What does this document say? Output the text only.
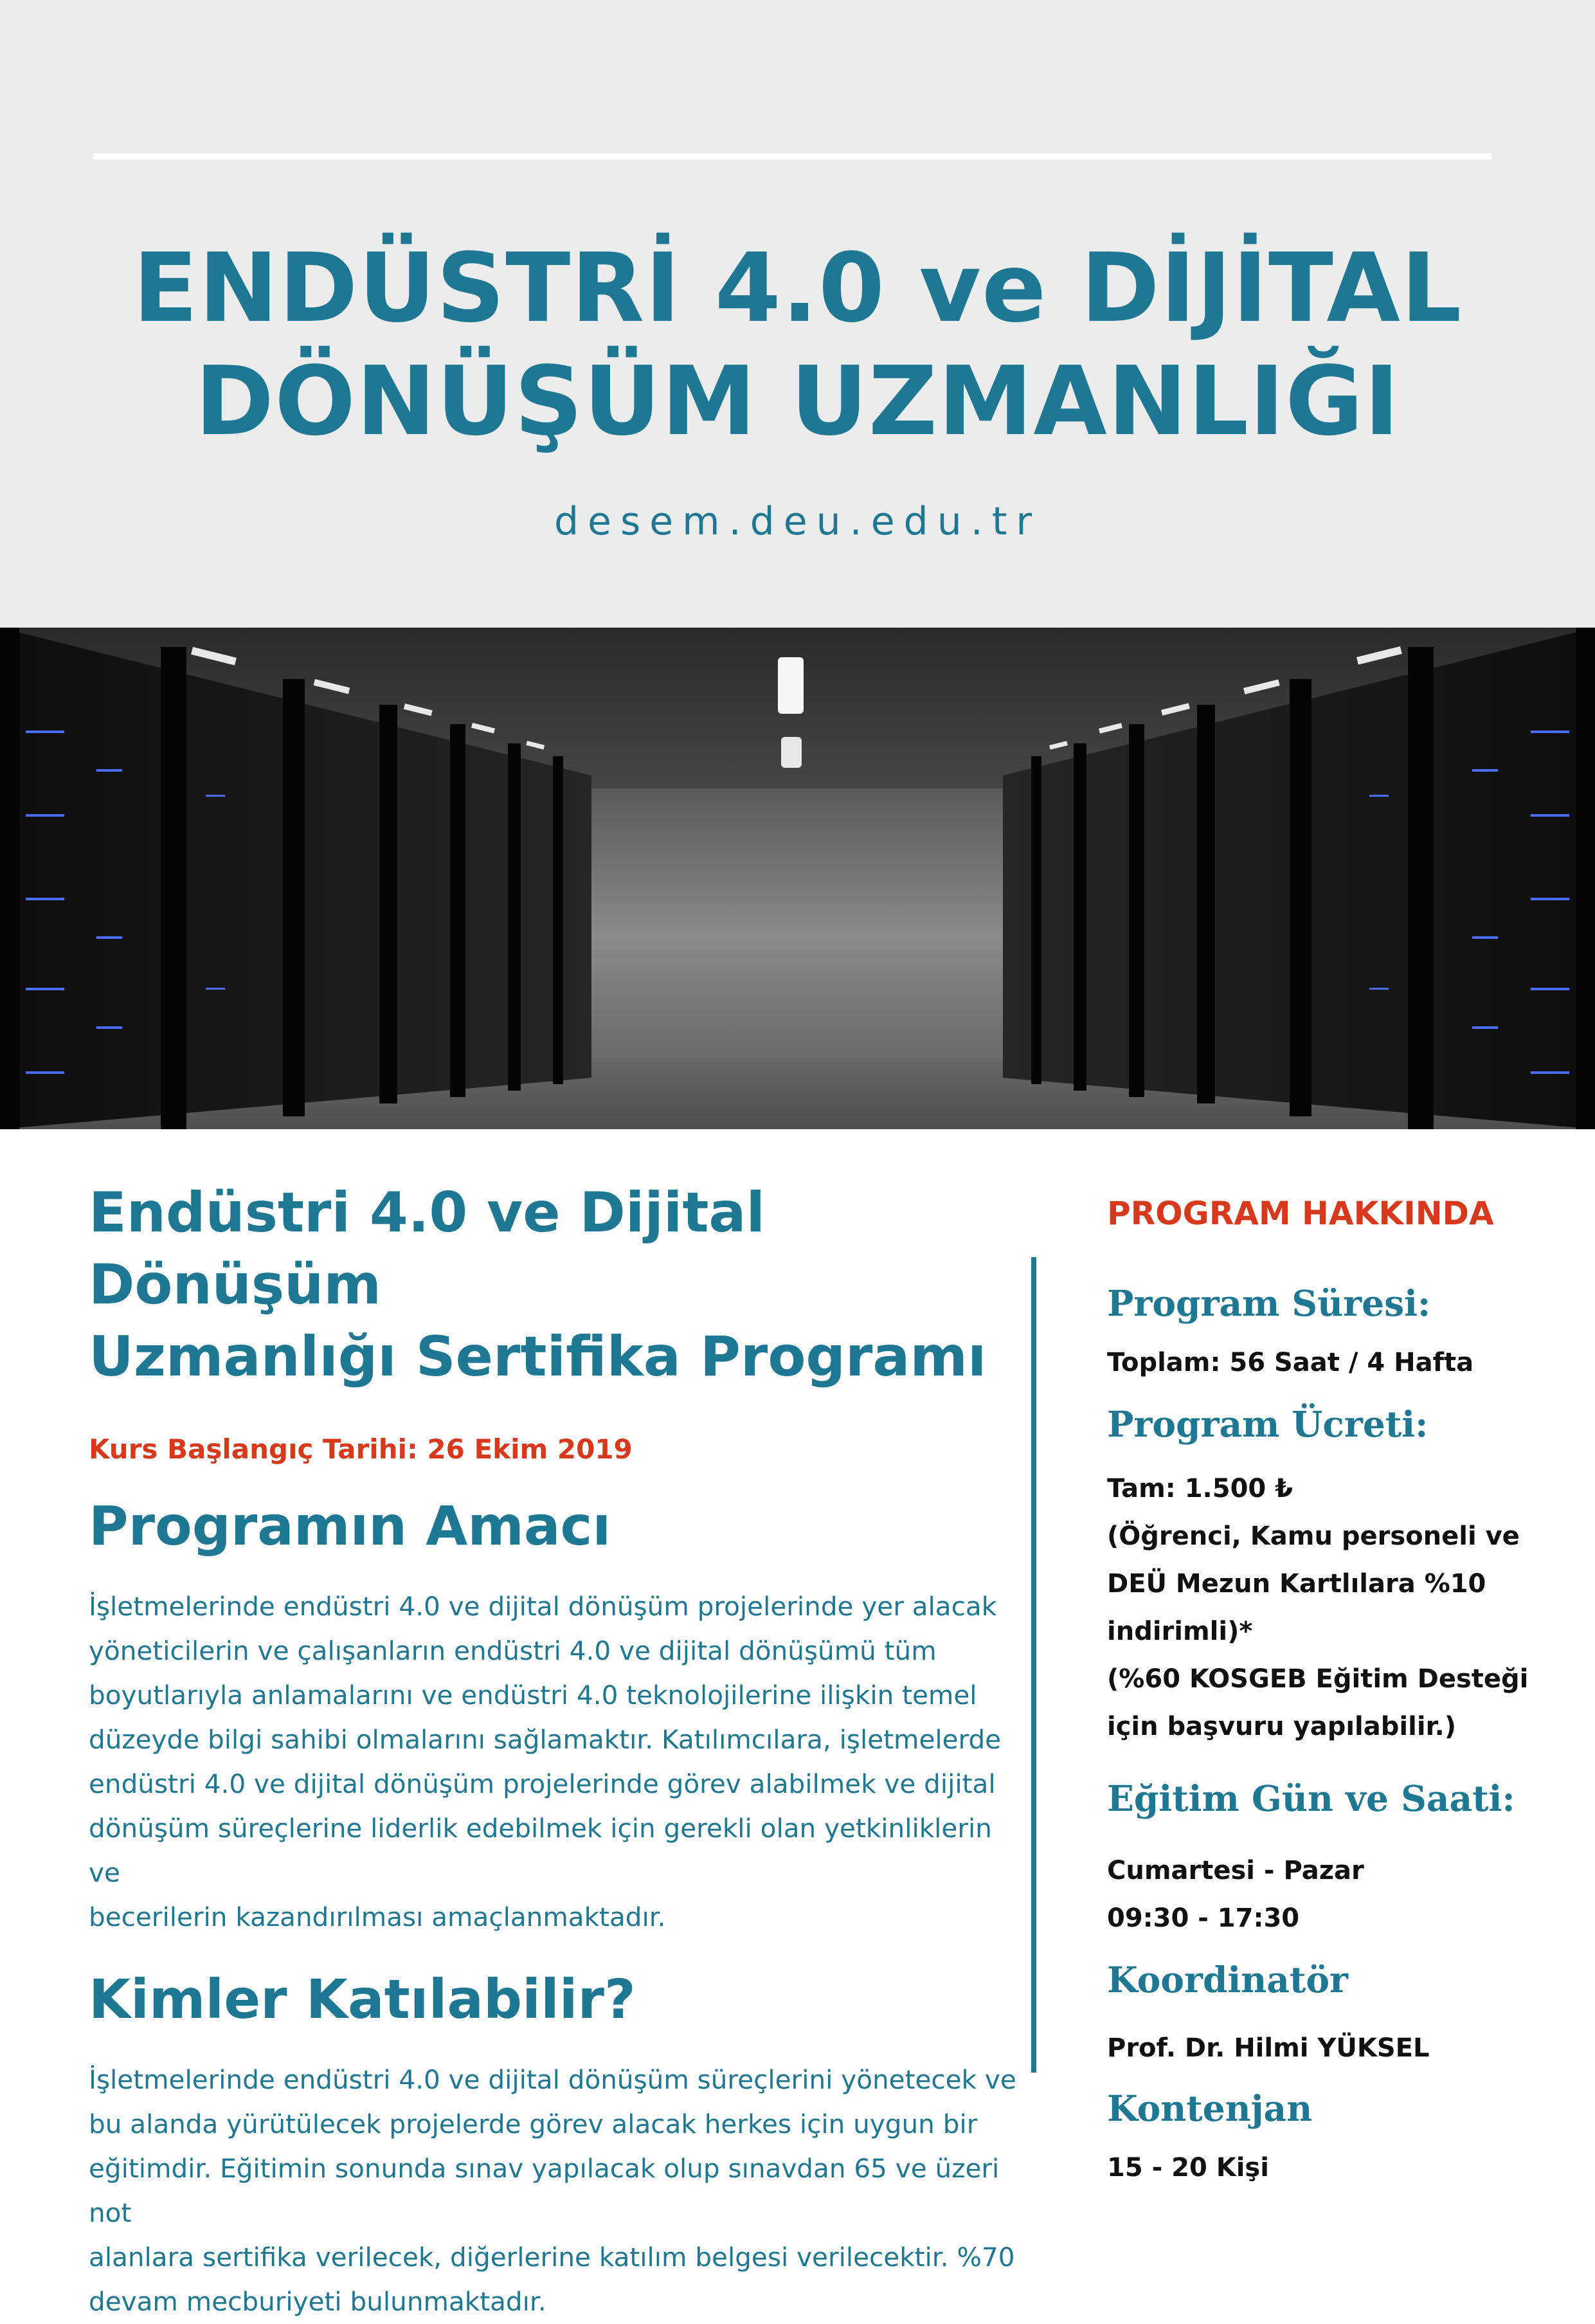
ENDÜSTRİ 4.0 ve DİJİTAL
DÖNÜŞÜM UZMANLIĞI
desem.deu.edu.tr
Endüstri 4.0 ve Dijital Dönüşüm
Uzmanlığı Sertifika Programı
Kurs Başlangıç Tarihi: 26 Ekim 2019
Programın Amacı
İşletmelerinde endüstri 4.0 ve dijital dönüşüm projelerinde yer alacak
yöneticilerin ve çalışanların endüstri 4.0 ve dijital dönüşümü tüm
boyutlarıyla anlamalarını ve endüstri 4.0 teknolojilerine ilişkin temel
düzeyde bilgi sahibi olmalarını sağlamaktır. Katılımcılara, işletmelerde
endüstri 4.0 ve dijital dönüşüm projelerinde görev alabilmek ve dijital
dönüşüm süreçlerine liderlik edebilmek için gerekli olan yetkinliklerin ve
becerilerin kazandırılması amaçlanmaktadır.
Kimler Katılabilir?
İşletmelerinde endüstri 4.0 ve dijital dönüşüm süreçlerini yönetecek ve
bu alanda yürütülecek projelerde görev alacak herkes için uygun bir
eğitimdir. Eğitimin sonunda sınav yapılacak olup sınavdan 65 ve üzeri not
alanlara sertifika verilecek, diğerlerine katılım belgesi verilecektir. %70
devam mecburiyeti bulunmaktadır.
PROGRAM HAKKINDA
Program Süresi:
Toplam: 56 Saat / 4 Hafta
Program Ücreti:
Tam: 1.500 ₺
(Öğrenci, Kamu personeli ve
DEÜ Mezun Kartlılara %10
indirimli)*
(%60 KOSGEB Eğitim Desteği
için başvuru yapılabilir.)
Eğitim Gün ve Saati:
Cumartesi - Pazar
09:30 - 17:30
Koordinatör
Prof. Dr. Hilmi YÜKSEL
Kontenjan
15 - 20 Kişi
